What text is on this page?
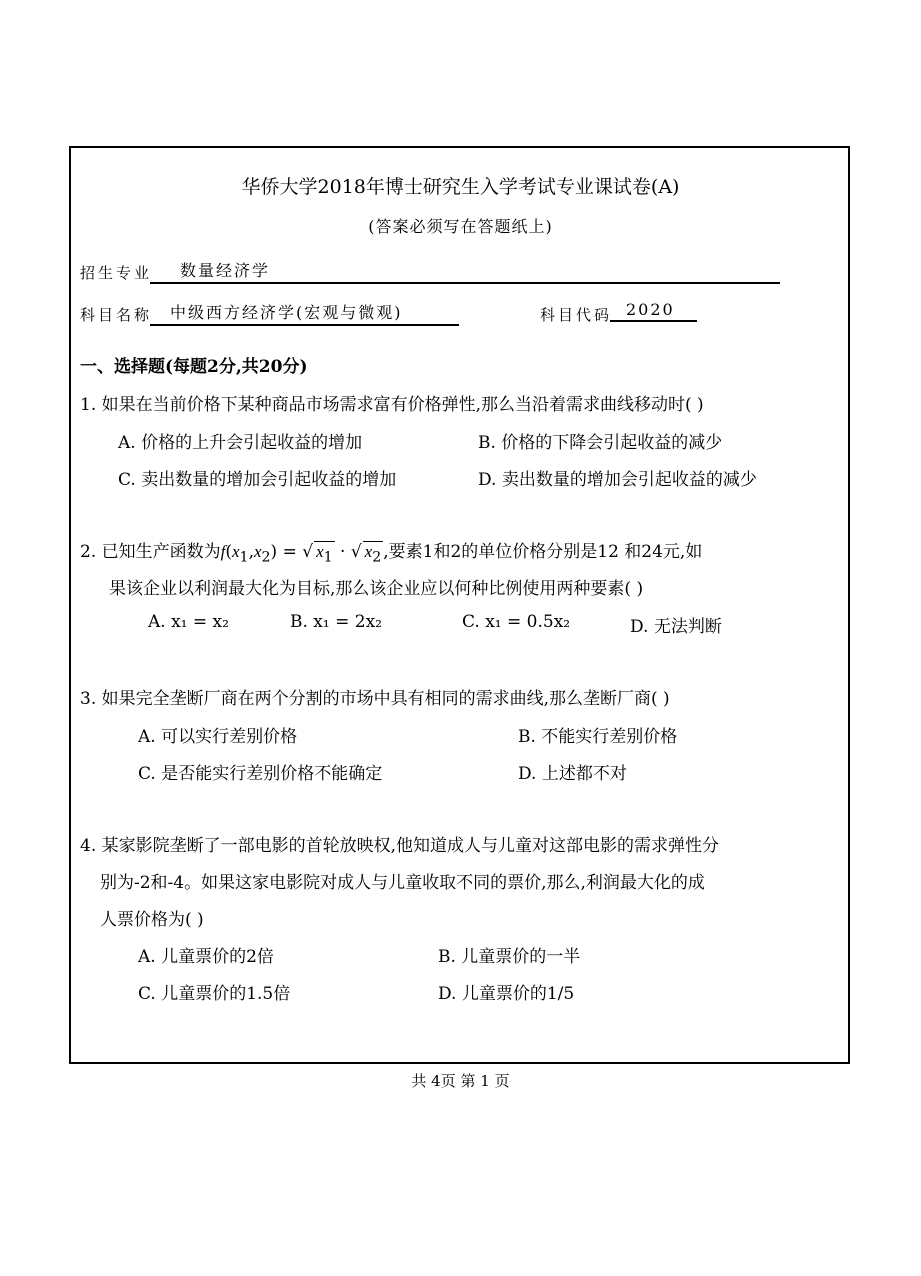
华侨大学2018年博士研究生入学考试专业课试卷(A)
(答案必须写在答题纸上)
招生专业	数量经济学
科目名称	中级西方经济学(宏观与微观)	科目代码 2020
一、选择题(每题2分,共20分)
1. 如果在当前价格下某种商品市场需求富有价格弹性,那么当沿着需求曲线移动时( )
A. 价格的上升会引起收益的增加	B. 价格的下降会引起收益的减少
C. 卖出数量的增加会引起收益的增加	D. 卖出数量的增加会引起收益的减少
2. 已知生产函数为$f(x_1,x_2)$ = √ $x_1$ · √ $x_2$ ,要素1和2的单位价格分别是12 和24元,如
果该企业以利润最大化为目标,那么该企业应以何种比例使用两种要素( )
A. x₁ = x₂	B. x₁ = 2x₂	C. x₁ = 0.5x₂	D. 无法判断
3. 如果完全垄断厂商在两个分割的市场中具有相同的需求曲线,那么垄断厂商( )
A. 可以实行差别价格	B. 不能实行差别价格
C. 是否能实行差别价格不能确定	D. 上述都不对
4. 某家影院垄断了一部电影的首轮放映权,他知道成人与儿童对这部电影的需求弹性分
别为-2和-4。如果这家电影院对成人与儿童收取不同的票价,那么,利润最大化的成
人票价格为( )
A. 儿童票价的2倍	B. 儿童票价的一半
C. 儿童票价的1.5倍	D. 儿童票价的1/5
共 4页 第 1 页
